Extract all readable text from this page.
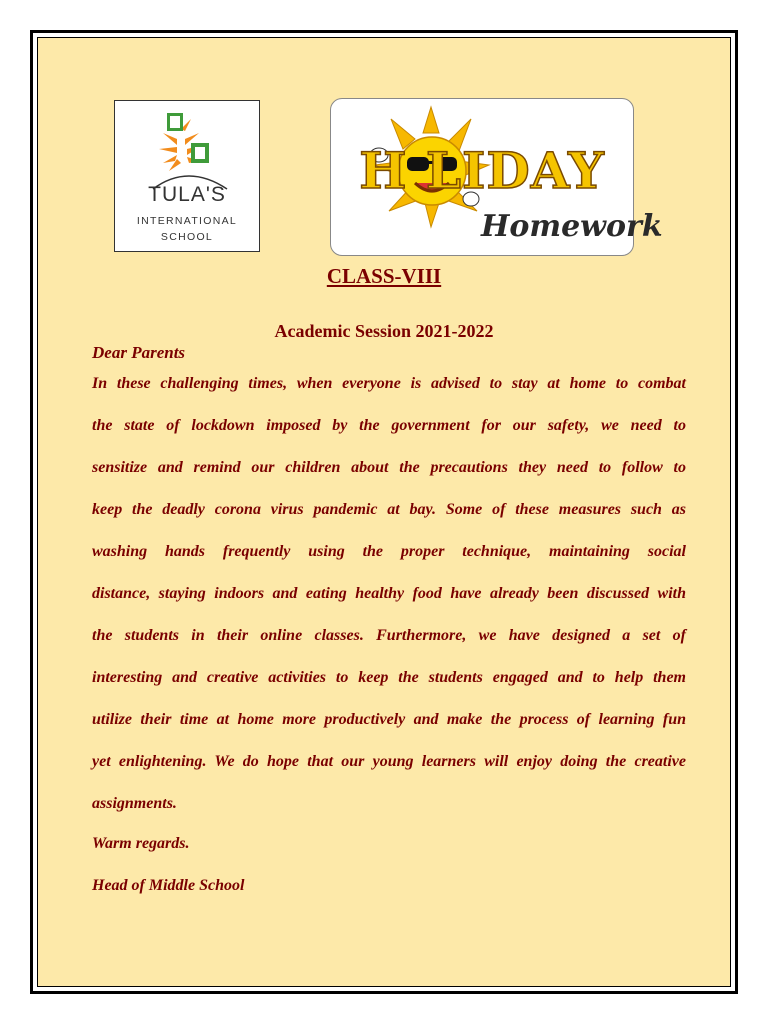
TULA'S
INTERNATIONAL
SCHOOL
H LIDAY
Homework
CLASS-VIII
Academic Session 2021-2022
Dear Parents
In these challenging times, when everyone is advised to stay at home to combat
the state of lockdown imposed by the government for our safety, we need to
sensitize and remind our children about the precautions they need to follow to
keep the deadly corona virus pandemic at bay. Some of these measures such as
washing hands frequently using the proper technique, maintaining social
distance, staying indoors and eating healthy food have already been discussed with
the students in their online classes. Furthermore, we have designed a set of
interesting and creative activities to keep the students engaged and to help them
utilize their time at home more productively and make the process of learning fun
yet enlightening. We do hope that our young learners will enjoy doing the creative
assignments.
Warm regards.
Head of Middle School
